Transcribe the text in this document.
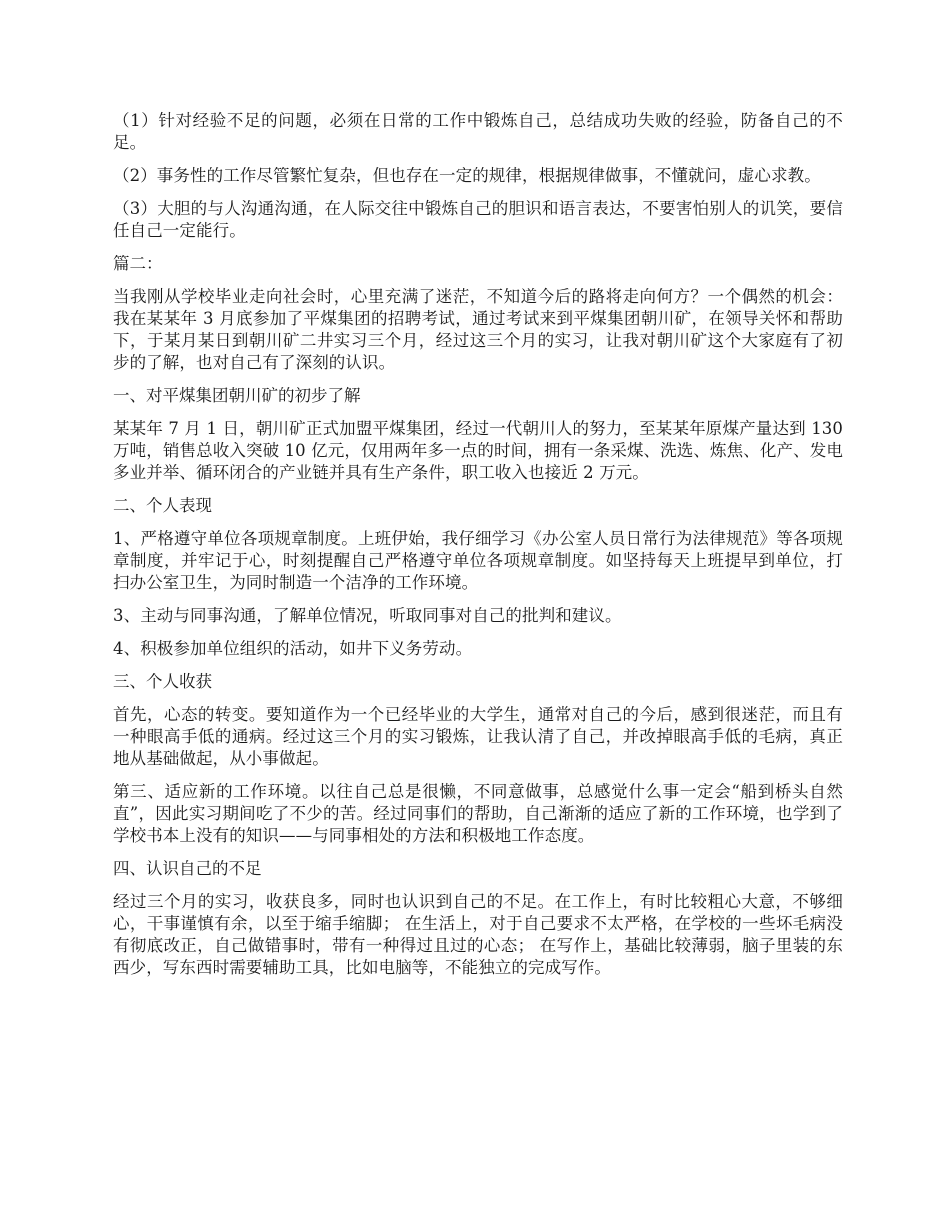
（1）针对经验不足的问题，必须在日常的工作中锻炼自己，总结成功失败的经验，防备自己的不足。

（2）事务性的工作尽管繁忙复杂，但也存在一定的规律，根据规律做事，不懂就问，虚心求教。

（3）大胆的与人沟通沟通，在人际交往中锻炼自己的胆识和语言表达，不要害怕别人的讥笑，要信任自己一定能行。

篇二：

当我刚从学校毕业走向社会时，心里充满了迷茫，不知道今后的路将走向何方？一个偶然的机会：我在某某年 3 月底参加了平煤集团的招聘考试，通过考试来到平煤集团朝川矿，在领导关怀和帮助下，于某月某日到朝川矿二井实习三个月，经过这三个月的实习，让我对朝川矿这个大家庭有了初步的了解，也对自己有了深刻的认识。

一、对平煤集团朝川矿的初步了解

某某年 7 月 1 日，朝川矿正式加盟平煤集团，经过一代朝川人的努力，至某某年原煤产量达到 130 万吨，销售总收入突破 10 亿元，仅用两年多一点的时间，拥有一条采煤、洗选、炼焦、化产、发电多业并举、循环闭合的产业链并具有生产条件，职工收入也接近 2 万元。

二、个人表现

1、严格遵守单位各项规章制度。上班伊始，我仔细学习《办公室人员日常行为法律规范》等各项规章制度，并牢记于心，时刻提醒自己严格遵守单位各项规章制度。如坚持每天上班提早到单位，打扫办公室卫生，为同时制造一个洁净的工作环境。

3、主动与同事沟通，了解单位情况，听取同事对自己的批判和建议。

4、积极参加单位组织的活动，如井下义务劳动。

三、个人收获

首先，心态的转变。要知道作为一个已经毕业的大学生，通常对自己的今后，感到很迷茫，而且有一种眼高手低的通病。经过这三个月的实习锻炼，让我认清了自己，并改掉眼高手低的毛病，真正地从基础做起，从小事做起。

第三、适应新的工作环境。以往自己总是很懒，不同意做事，总感觉什么事一定会“船到桥头自然直”，因此实习期间吃了不少的苦。经过同事们的帮助，自己渐渐的适应了新的工作环境，也学到了学校书本上没有的知识——与同事相处的方法和积极地工作态度。

四、认识自己的不足

经过三个月的实习，收获良多，同时也认识到自己的不足。在工作上，有时比较粗心大意，不够细心，干事谨慎有余，以至于缩手缩脚； 在生活上，对于自己要求不太严格，在学校的一些坏毛病没有彻底改正，自己做错事时，带有一种得过且过的心态； 在写作上，基础比较薄弱，脑子里装的东西少，写东西时需要辅助工具，比如电脑等，不能独立的完成写作。
